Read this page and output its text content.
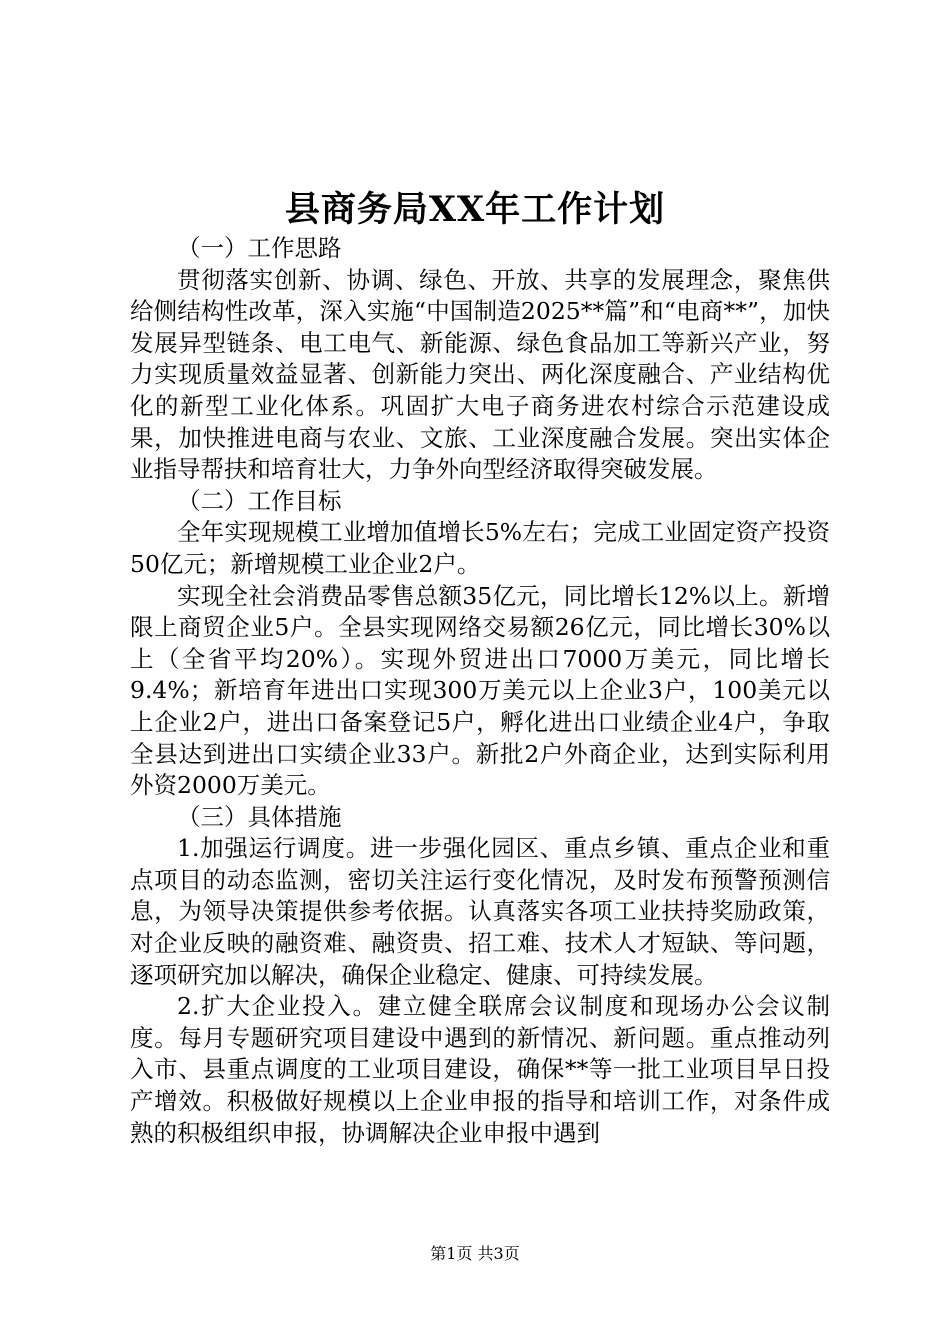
县商务局XX年工作计划

（一）工作思路

贯彻落实创新、协调、绿色、开放、共享的发展理念，聚焦供给侧结构性改革，深入实施“中国制造2025**篇”和“电商**”，加快发展异型链条、电工电气、新能源、绿色食品加工等新兴产业，努力实现质量效益显著、创新能力突出、两化深度融合、产业结构优化的新型工业化体系。巩固扩大电子商务进农村综合示范建设成果，加快推进电商与农业、文旅、工业深度融合发展。突出实体企业指导帮扶和培育壮大，力争外向型经济取得突破发展。

（二）工作目标

全年实现规模工业增加值增长5%左右；完成工业固定资产投资50亿元；新增规模工业企业2户。

实现全社会消费品零售总额35亿元，同比增长12%以上。新增限上商贸企业5户。全县实现网络交易额26亿元，同比增长30%以上（全省平均20%）。实现外贸进出口7000万美元，同比增长9.4%；新培育年进出口实现300万美元以上企业3户，100美元以上企业2户，进出口备案登记5户，孵化进出口业绩企业4户，争取全县达到进出口实绩企业33户。新批2户外商企业，达到实际利用外资2000万美元。

（三）具体措施

1.加强运行调度。进一步强化园区、重点乡镇、重点企业和重点项目的动态监测，密切关注运行变化情况，及时发布预警预测信息，为领导决策提供参考依据。认真落实各项工业扶持奖励政策，对企业反映的融资难、融资贵、招工难、技术人才短缺、等问题，逐项研究加以解决，确保企业稳定、健康、可持续发展。

2.扩大企业投入。建立健全联席会议制度和现场办公会议制度。每月专题研究项目建设中遇到的新情况、新问题。重点推动列入市、县重点调度的工业项目建设，确保**等一批工业项目早日投产增效。积极做好规模以上企业申报的指导和培训工作，对条件成熟的积极组织申报，协调解决企业申报中遇到

第1页 共3页
